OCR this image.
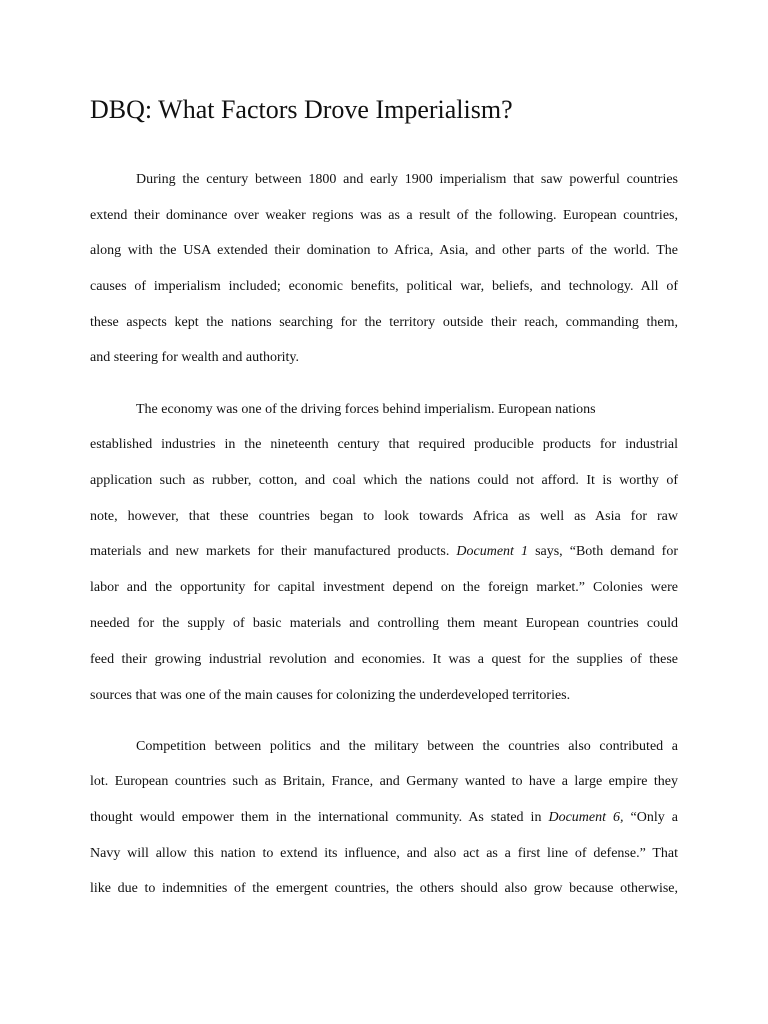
DBQ: What Factors Drove Imperialism?

During the century between 1800 and early 1900 imperialism that saw powerful countries

extend their dominance over weaker regions was as a result of the following. European countries,

along with the USA extended their domination to Africa, Asia, and other parts of the world. The

causes of imperialism included; economic benefits, political war, beliefs, and technology. All of

these aspects kept the nations searching for the territory outside their reach, commanding them,

and steering for wealth and authority.

The economy was one of the driving forces behind imperialism. European nations

established industries in the nineteenth century that required producible products for industrial

application such as rubber, cotton, and coal which the nations could not afford. It is worthy of

note, however, that these countries began to look towards Africa as well as Asia for raw

materials and new markets for their manufactured products. Document 1 says, “Both demand for

labor and the opportunity for capital investment depend on the foreign market.” Colonies were

needed for the supply of basic materials and controlling them meant European countries could

feed their growing industrial revolution and economies. It was a quest for the supplies of these

sources that was one of the main causes for colonizing the underdeveloped territories.

Competition between politics and the military between the countries also contributed a

lot. European countries such as Britain, France, and Germany wanted to have a large empire they

thought would empower them in the international community. As stated in Document 6, “Only a

Navy will allow this nation to extend its influence, and also act as a first line of defense.” That

like due to indemnities of the emergent countries, the others should also grow because otherwise,
